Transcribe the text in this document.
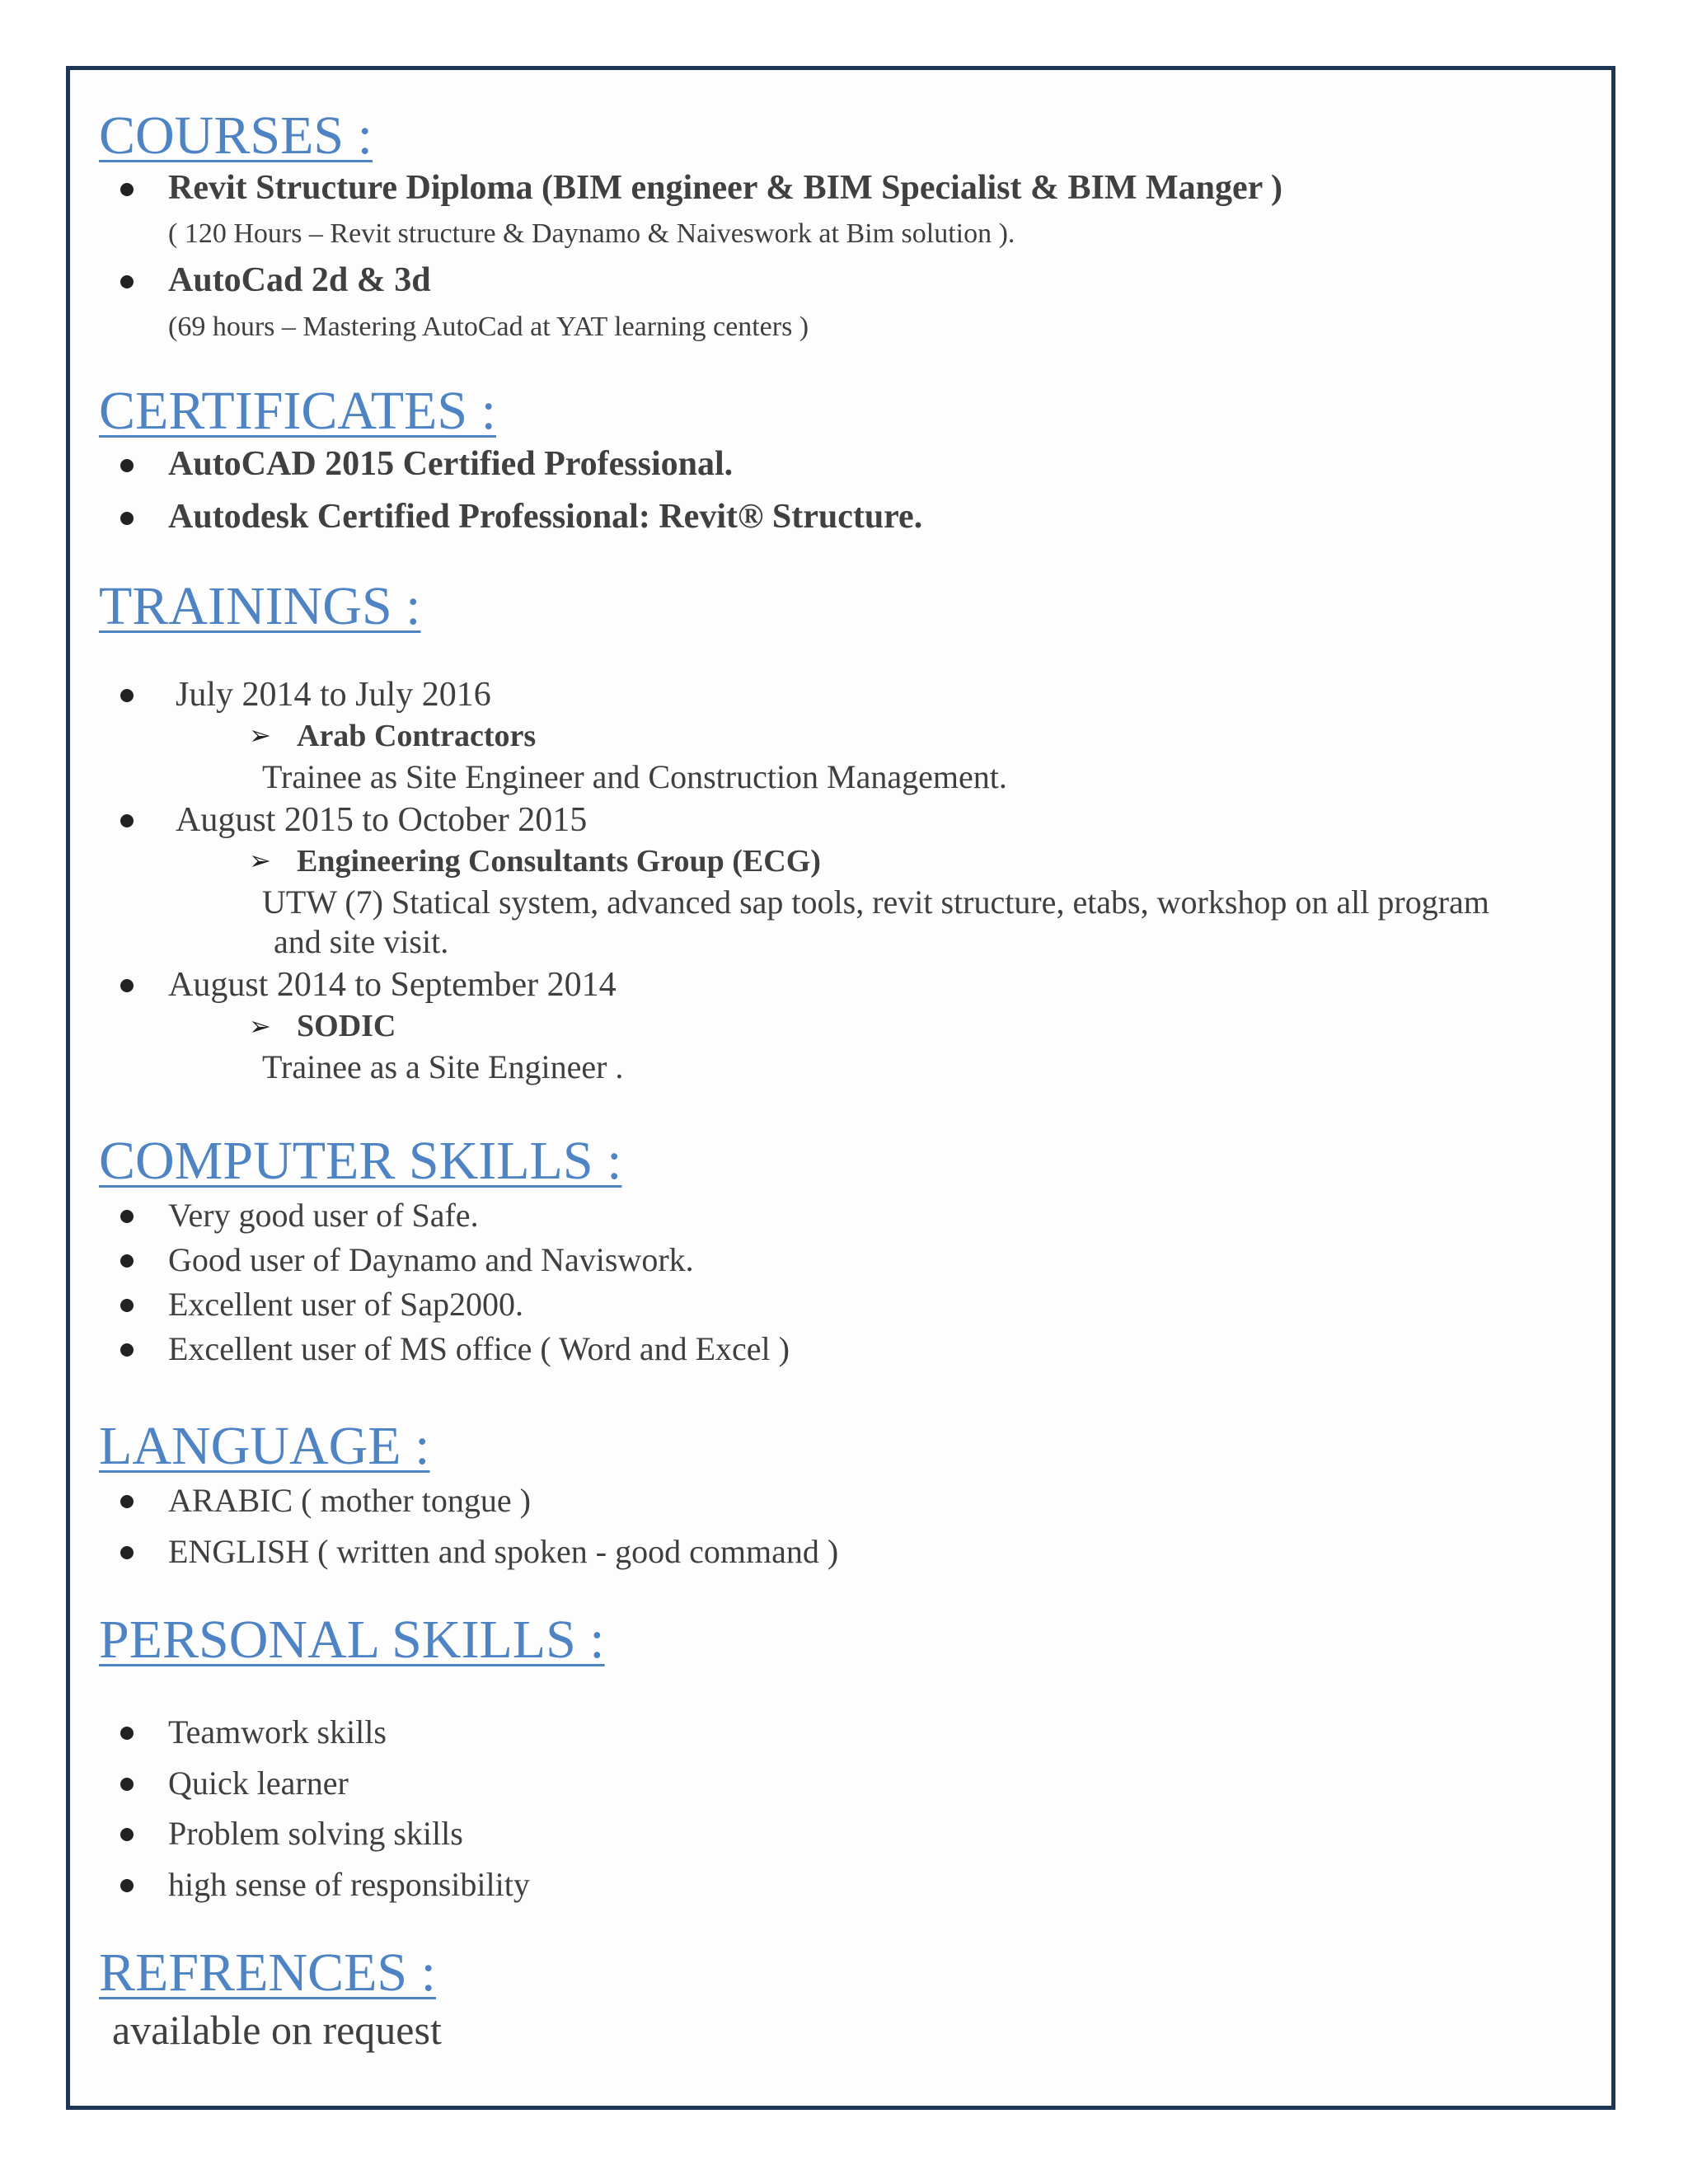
COURSES :
Revit Structure Diploma (BIM engineer & BIM Specialist & BIM Manger )
( 120 Hours – Revit structure & Daynamo & Naiveswork at Bim solution ).
AutoCad 2d & 3d
(69 hours – Mastering AutoCad at YAT learning centers )
CERTIFICATES :
AutoCAD 2015 Certified Professional.
Autodesk Certified Professional: Revit® Structure.
TRAININGS :
July 2014 to July 2016
➢ Arab Contractors
Trainee as Site Engineer and Construction Management.
August 2015 to October 2015
➢ Engineering Consultants Group (ECG)
UTW (7) Statical system, advanced sap tools, revit structure, etabs, workshop on all program
and site visit.
August 2014 to September 2014
➢ SODIC
Trainee as a Site Engineer .
COMPUTER SKILLS :
Very good user of Safe.
Good user of Daynamo and Naviswork.
Excellent user of Sap2000.
Excellent user of MS office ( Word and Excel )
LANGUAGE :
ARABIC ( mother tongue )
ENGLISH ( written and spoken - good command )
PERSONAL SKILLS :
Teamwork skills
Quick learner
Problem solving skills
high sense of responsibility
REFRENCES :
available on request
